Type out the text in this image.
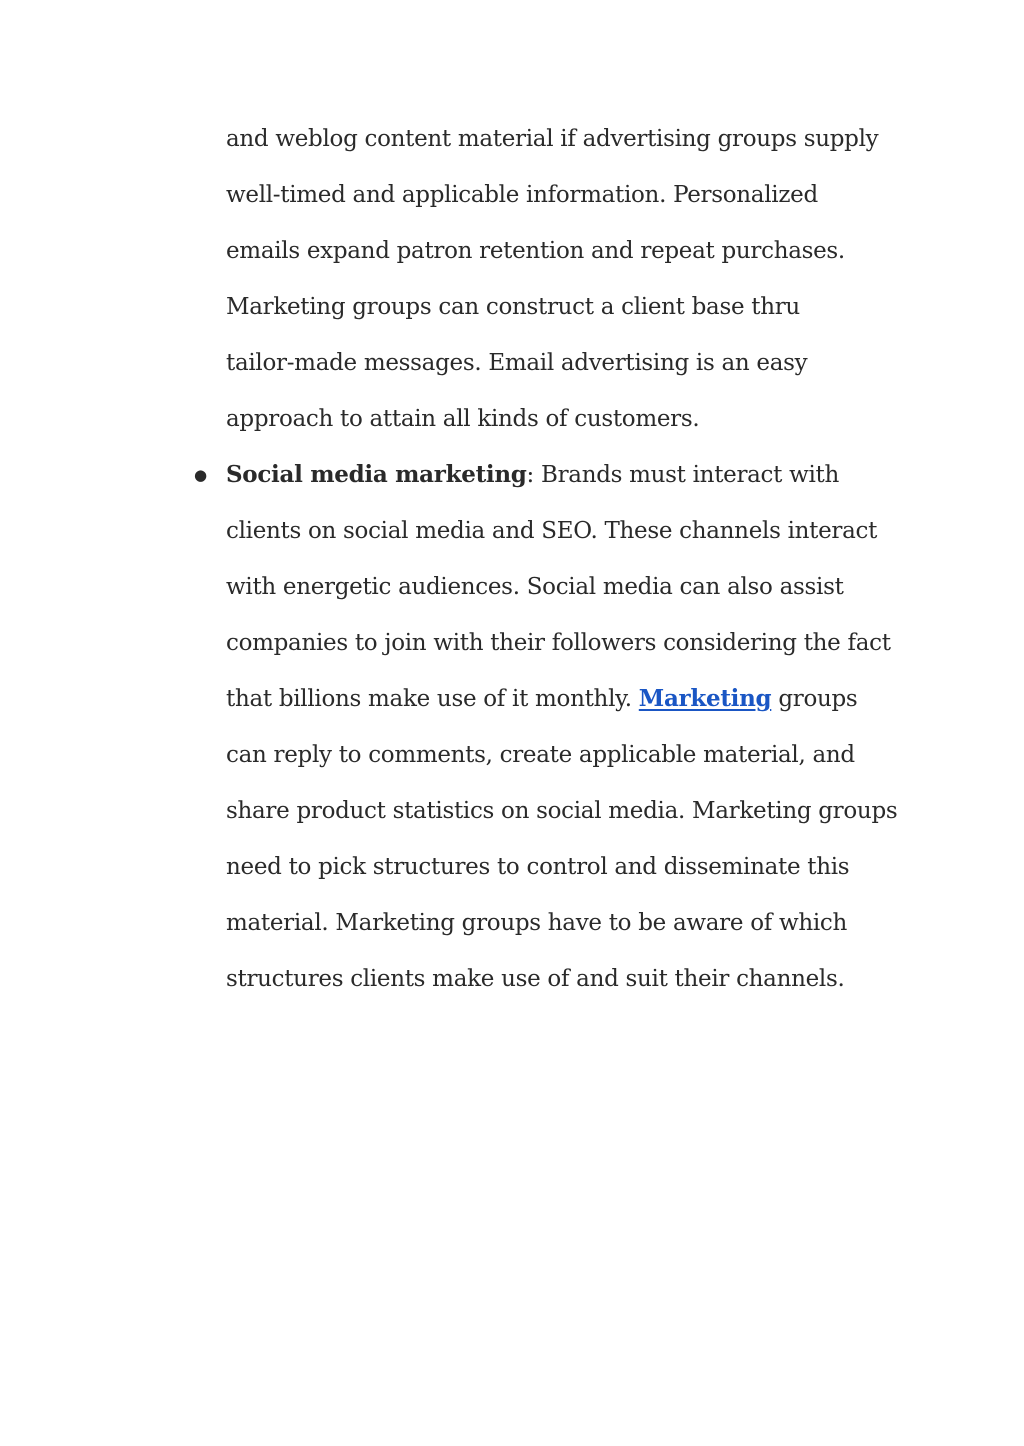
and weblog content material if advertising groups supply
well-timed and applicable information. Personalized
emails expand patron retention and repeat purchases.
Marketing groups can construct a client base thru
tailor-made messages. Email advertising is an easy
approach to attain all kinds of customers.
● Social media marketing: Brands must interact with
clients on social media and SEO. These channels interact
with energetic audiences. Social media can also assist
companies to join with their followers considering the fact
that billions make use of it monthly. Marketing groups
can reply to comments, create applicable material, and
share product statistics on social media. Marketing groups
need to pick structures to control and disseminate this
material. Marketing groups have to be aware of which
structures clients make use of and suit their channels.
